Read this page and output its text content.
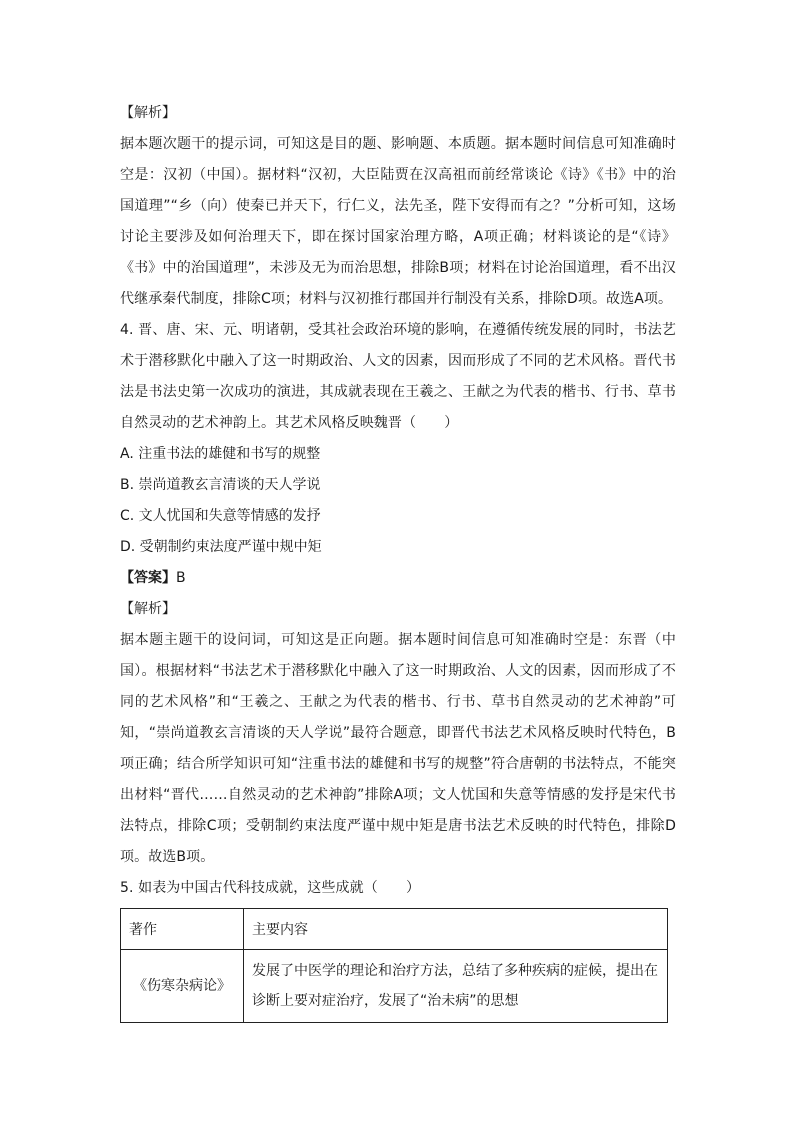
【解析】

据本题次题干的提示词，可知这是目的题、影响题、本质题。据本题时间信息可知准确时空是：汉初（中国）。据材料“汉初，大臣陆贾在汉高祖而前经常谈论《诗》《书》中的治国道理”“乡（向）使秦已并天下，行仁义，法先圣，陛下安得而有之？”分析可知，这场讨论主要涉及如何治理天下，即在探讨国家治理方略，A项正确；材料谈论的是“《诗》《书》中的治国道理”，未涉及无为而治思想，排除B项；材料在讨论治国道理，看不出汉代继承秦代制度，排除C项；材料与汉初推行郡国并行制没有关系，排除D项。故选A项。

4. 晋、唐、宋、元、明诸朝，受其社会政治环境的影响，在遵循传统发展的同时，书法艺术于潜移默化中融入了这一时期政治、人文的因素，因而形成了不同的艺术风格。晋代书法是书法史第一次成功的演进，其成就表现在王羲之、王献之为代表的楷书、行书、草书自然灵动的艺术神韵上。其艺术风格反映魏晋（　　）

A. 注重书法的雄健和书写的规整

B. 崇尚道教玄言清谈的天人学说

C. 文人忧国和失意等情感的发抒

D. 受朝制约束法度严谨中规中矩

【答案】B

【解析】

据本题主题干的设问词，可知这是正向题。据本题时间信息可知准确时空是：东晋（中国）。根据材料“书法艺术于潜移默化中融入了这一时期政治、人文的因素，因而形成了不同的艺术风格”和“王羲之、王献之为代表的楷书、行书、草书自然灵动的艺术神韵”可知，“崇尚道教玄言清谈的天人学说”最符合题意，即晋代书法艺术风格反映时代特色，B项正确；结合所学知识可知“注重书法的雄健和书写的规整”符合唐朝的书法特点，不能突出材料“晋代……自然灵动的艺术神韵”排除A项；文人忧国和失意等情感的发抒是宋代书法特点，排除C项；受朝制约束法度严谨中规中矩是唐书法艺术反映的时代特色，排除D项。故选B项。

5. 如表为中国古代科技成就，这些成就（　　）

著作	主要内容
《伤寒杂病论》	发展了中医学的理论和治疗方法，总结了多种疾病的症候，提出在诊断上要对症治疗，发展了“治未病”的思想
